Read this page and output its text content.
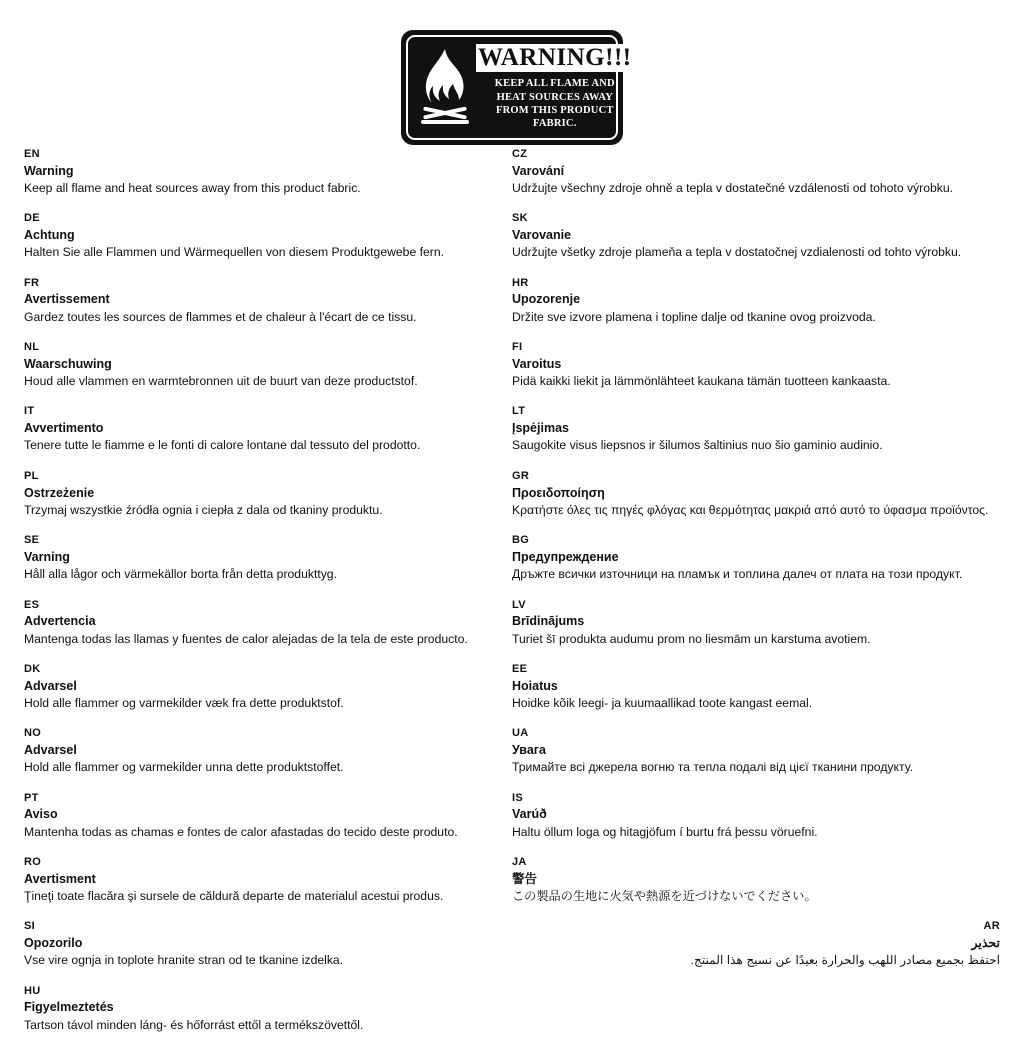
WARNING!!!
KEEP ALL FLAME AND
HEAT SOURCES AWAY
FROM THIS PRODUCT
FABRIC.
EN
Warning
Keep all flame and heat sources away from this product fabric.
DE
Achtung
Halten Sie alle Flammen und Wärmequellen von diesem Produktgewebe fern.
FR
Avertissement
Gardez toutes les sources de flammes et de chaleur à l'écart de ce tissu.
NL
Waarschuwing
Houd alle vlammen en warmtebronnen uit de buurt van deze productstof.
IT
Avvertimento
Tenere tutte le fiamme e le fonti di calore lontane dal tessuto del prodotto.
PL
Ostrzeżenie
Trzymaj wszystkie źródła ognia i ciepła z dala od tkaniny produktu.
SE
Varning
Håll alla lågor och värmekällor borta från detta produkttyg.
ES
Advertencia
Mantenga todas las llamas y fuentes de calor alejadas de la tela de este producto.
DK
Advarsel
Hold alle flammer og varmekilder væk fra dette produktstof.
NO
Advarsel
Hold alle flammer og varmekilder unna dette produktstoffet.
PT
Aviso
Mantenha todas as chamas e fontes de calor afastadas do tecido deste produto.
RO
Avertisment
Ţineţi toate flacăra şi sursele de căldură departe de materialul acestui produs.
SI
Opozorilo
Vse vire ognja in toplote hranite stran od te tkanine izdelka.
HU
Figyelmeztetés
Tartson távol minden láng- és hőforrást ettől a termékszövettől.
CZ
Varování
Udržujte všechny zdroje ohně a tepla v dostatečné vzdálenosti od tohoto výrobku.
SK
Varovanie
Udržujte všetky zdroje plameňa a tepla v dostatočnej vzdialenosti od tohto výrobku.
HR
Upozorenje
Držite sve izvore plamena i topline dalje od tkanine ovog proizvoda.
FI
Varoitus
Pidä kaikki liekit ja lämmönlähteet kaukana tämän tuotteen kankaasta.
LT
Įspėjimas
Saugokite visus liepsnos ir šilumos šaltinius nuo šio gaminio audinio.
GR
Προειδοποίηση
Κρατήστε όλες τις πηγές φλόγας και θερμότητας μακριά από αυτό το ύφασμα προϊόντος.
BG
Предупреждение
Дръжте всички източници на пламък и топлина далеч от плата на този продукт.
LV
Brīdinājums
Turiet šī produkta audumu prom no liesmām un karstuma avotiem.
EE
Hoiatus
Hoidke kõik leegi- ja kuumaallikad toote kangast eemal.
UA
Увага
Тримайте всі джерела вогню та тепла подалі від цієї тканини продукту.
IS
Varúð
Haltu öllum loga og hitagjöfum í burtu frá þessu vöruefni.
JA
警告
この製品の生地に火気や熱源を近づけないでください。
AR
تحذير
احتفظ بجميع مصادر اللهب والحرارة بعيدًا عن نسيج هذا المنتج.
